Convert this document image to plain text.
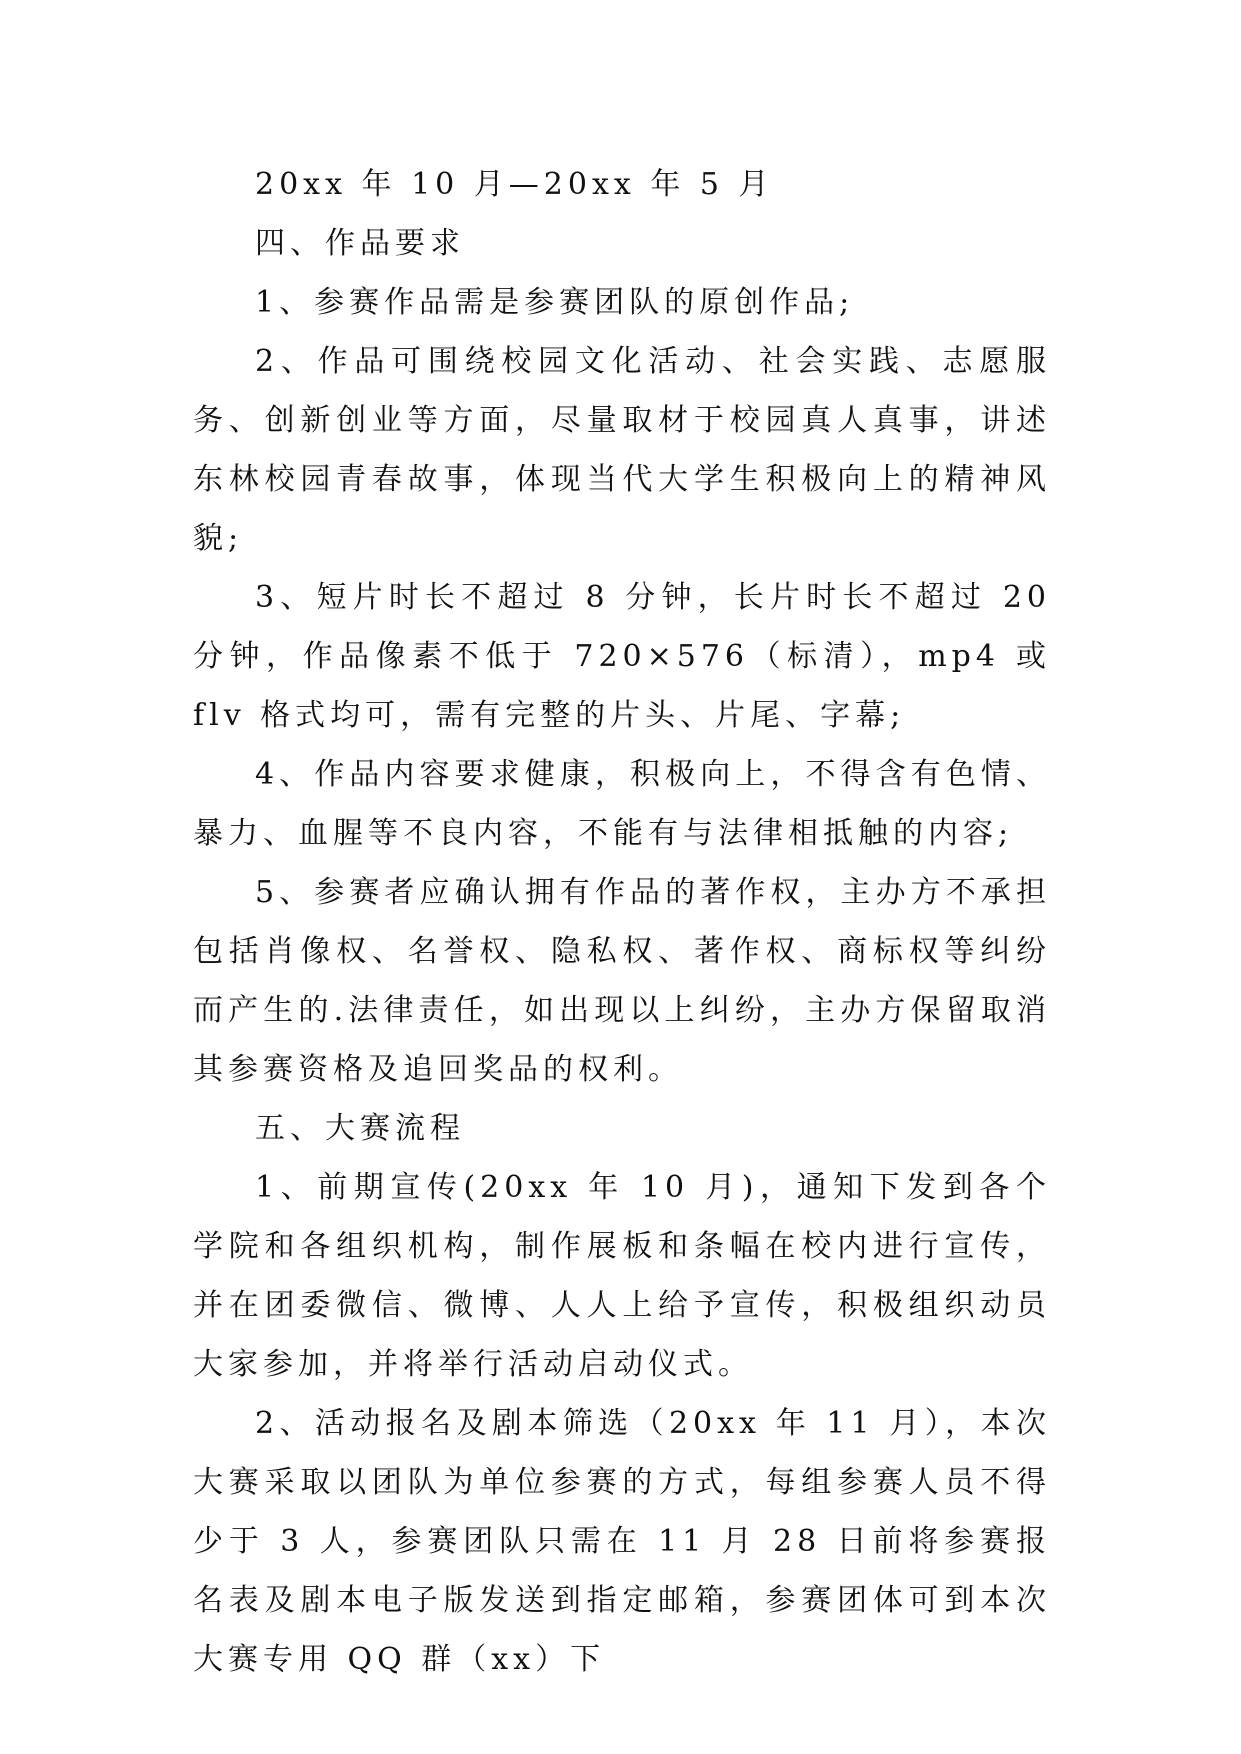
20xx 年 10 月—20xx 年 5 月

四、作品要求

1、参赛作品需是参赛团队的原创作品;

2、作品可围绕校园文化活动、社会实践、志愿服务、创新创业等方面，尽量取材于校园真人真事，讲述东林校园青春故事，体现当代大学生积极向上的精神风貌;

3、短片时长不超过 8 分钟，长片时长不超过 20 分钟，作品像素不低于 720×576（标清），mp4 或 flv 格式均可，需有完整的片头、片尾、字幕;

4、作品内容要求健康，积极向上，不得含有色情、暴力、血腥等不良内容，不能有与法律相抵触的内容;

5、参赛者应确认拥有作品的著作权，主办方不承担包括肖像权、名誉权、隐私权、著作权、商标权等纠纷而产生的.法律责任，如出现以上纠纷，主办方保留取消其参赛资格及追回奖品的权利。

五、大赛流程

1、前期宣传(20xx 年 10 月)，通知下发到各个学院和各组织机构，制作展板和条幅在校内进行宣传，并在团委微信、微博、人人上给予宣传，积极组织动员大家参加，并将举行活动启动仪式。

2、活动报名及剧本筛选（20xx 年 11 月），本次大赛采取以团队为单位参赛的方式，每组参赛人员不得少于 3 人，参赛团队只需在 11 月 28 日前将参赛报名表及剧本电子版发送到指定邮箱，参赛团体可到本次大赛专用 QQ 群（xx）下
